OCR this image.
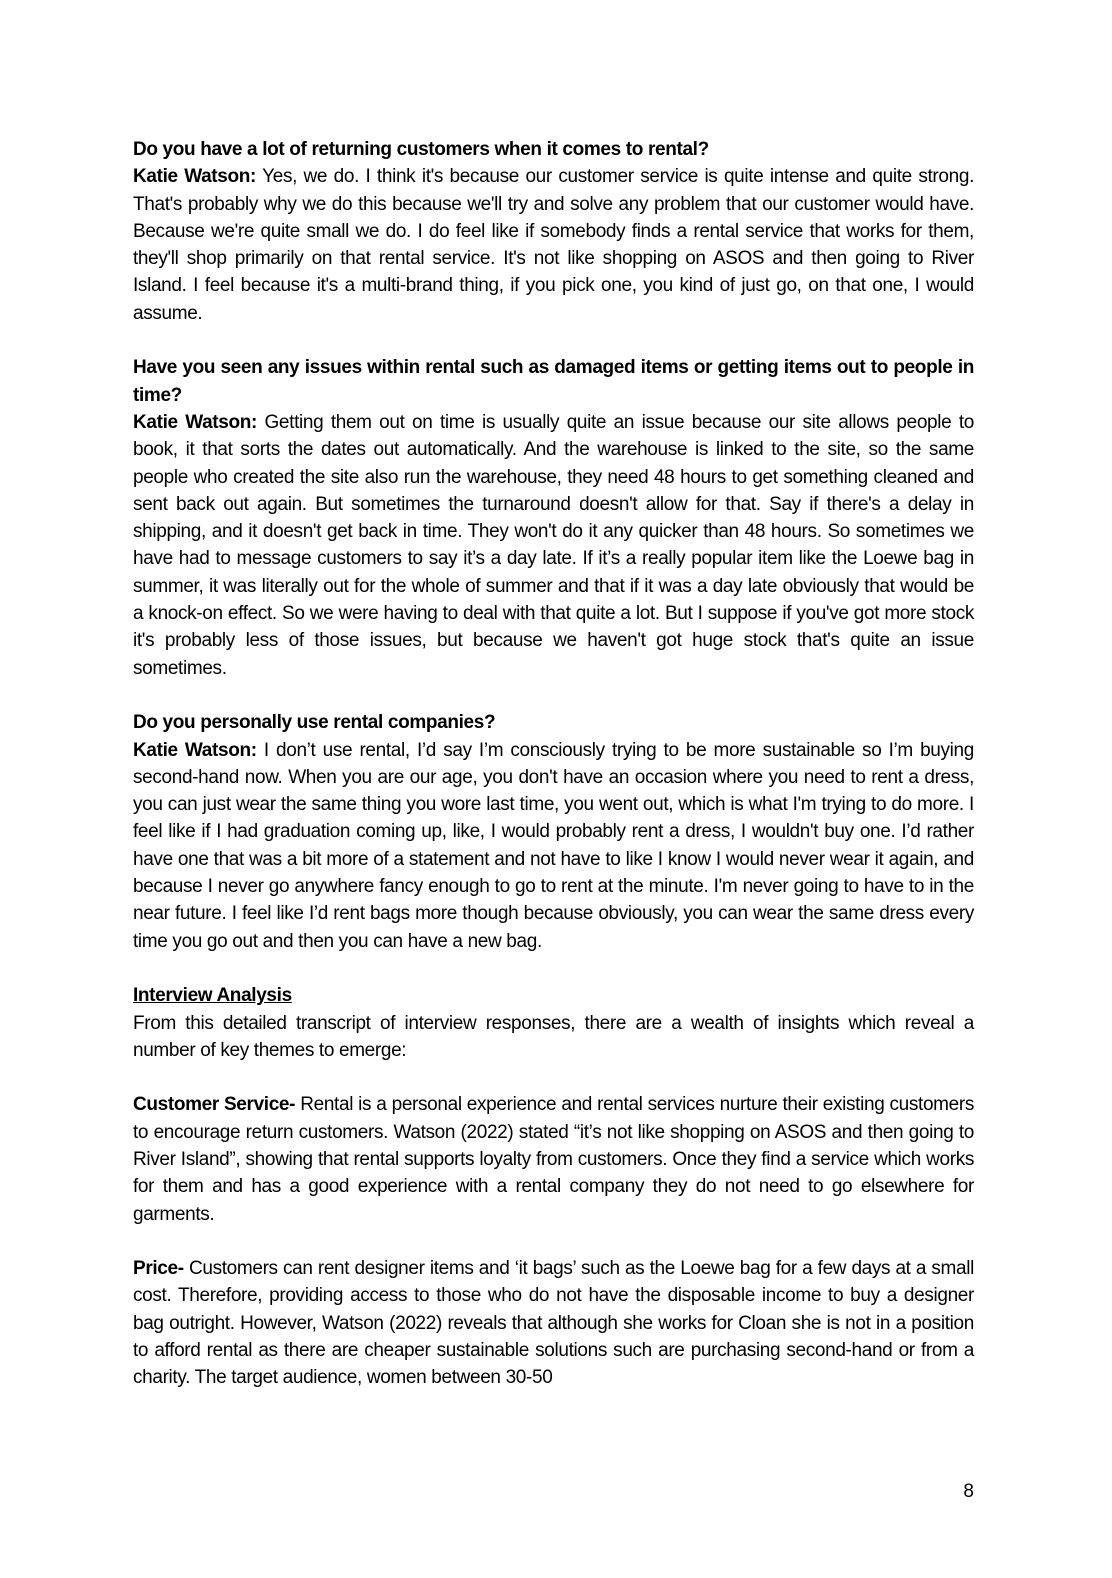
Do you have a lot of returning customers when it comes to rental?

Katie Watson: Yes, we do. I think it's because our customer service is quite intense and quite strong. That's probably why we do this because we'll try and solve any problem that our customer would have. Because we're quite small we do. I do feel like if somebody finds a rental service that works for them, they'll shop primarily on that rental service. It's not like shopping on ASOS and then going to River Island. I feel because it's a multi-brand thing, if you pick one, you kind of just go, on that one, I would assume.

Have you seen any issues within rental such as damaged items or getting items out to people in time?

Katie Watson: Getting them out on time is usually quite an issue because our site allows people to book, it that sorts the dates out automatically. And the warehouse is linked to the site, so the same people who created the site also run the warehouse, they need 48 hours to get something cleaned and sent back out again. But sometimes the turnaround doesn't allow for that. Say if there's a delay in shipping, and it doesn't get back in time. They won't do it any quicker than 48 hours. So sometimes we have had to message customers to say it’s a day late. If it’s a really popular item like the Loewe bag in summer, it was literally out for the whole of summer and that if it was a day late obviously that would be a knock-on effect. So we were having to deal with that quite a lot. But I suppose if you've got more stock it's probably less of those issues, but because we haven't got huge stock that's quite an issue sometimes.

Do you personally use rental companies?

Katie Watson: I don’t use rental, I’d say I’m consciously trying to be more sustainable so I’m buying second-hand now. When you are our age, you don't have an occasion where you need to rent a dress, you can just wear the same thing you wore last time, you went out, which is what I'm trying to do more. I feel like if I had graduation coming up, like, I would probably rent a dress, I wouldn't buy one. I’d rather have one that was a bit more of a statement and not have to like I know I would never wear it again, and because I never go anywhere fancy enough to go to rent at the minute. I'm never going to have to in the near future. I feel like I’d rent bags more though because obviously, you can wear the same dress every time you go out and then you can have a new bag.

Interview Analysis

From this detailed transcript of interview responses, there are a wealth of insights which reveal a number of key themes to emerge:

Customer Service- Rental is a personal experience and rental services nurture their existing customers to encourage return customers. Watson (2022) stated “it’s not like shopping on ASOS and then going to River Island”, showing that rental supports loyalty from customers. Once they find a service which works for them and has a good experience with a rental company they do not need to go elsewhere for garments.

Price- Customers can rent designer items and ‘it bags’ such as the Loewe bag for a few days at a small cost. Therefore, providing access to those who do not have the disposable income to buy a designer bag outright. However, Watson (2022) reveals that although she works for Cloan she is not in a position to afford rental as there are cheaper sustainable solutions such are purchasing second-hand or from a charity. The target audience, women between 30-50

8
